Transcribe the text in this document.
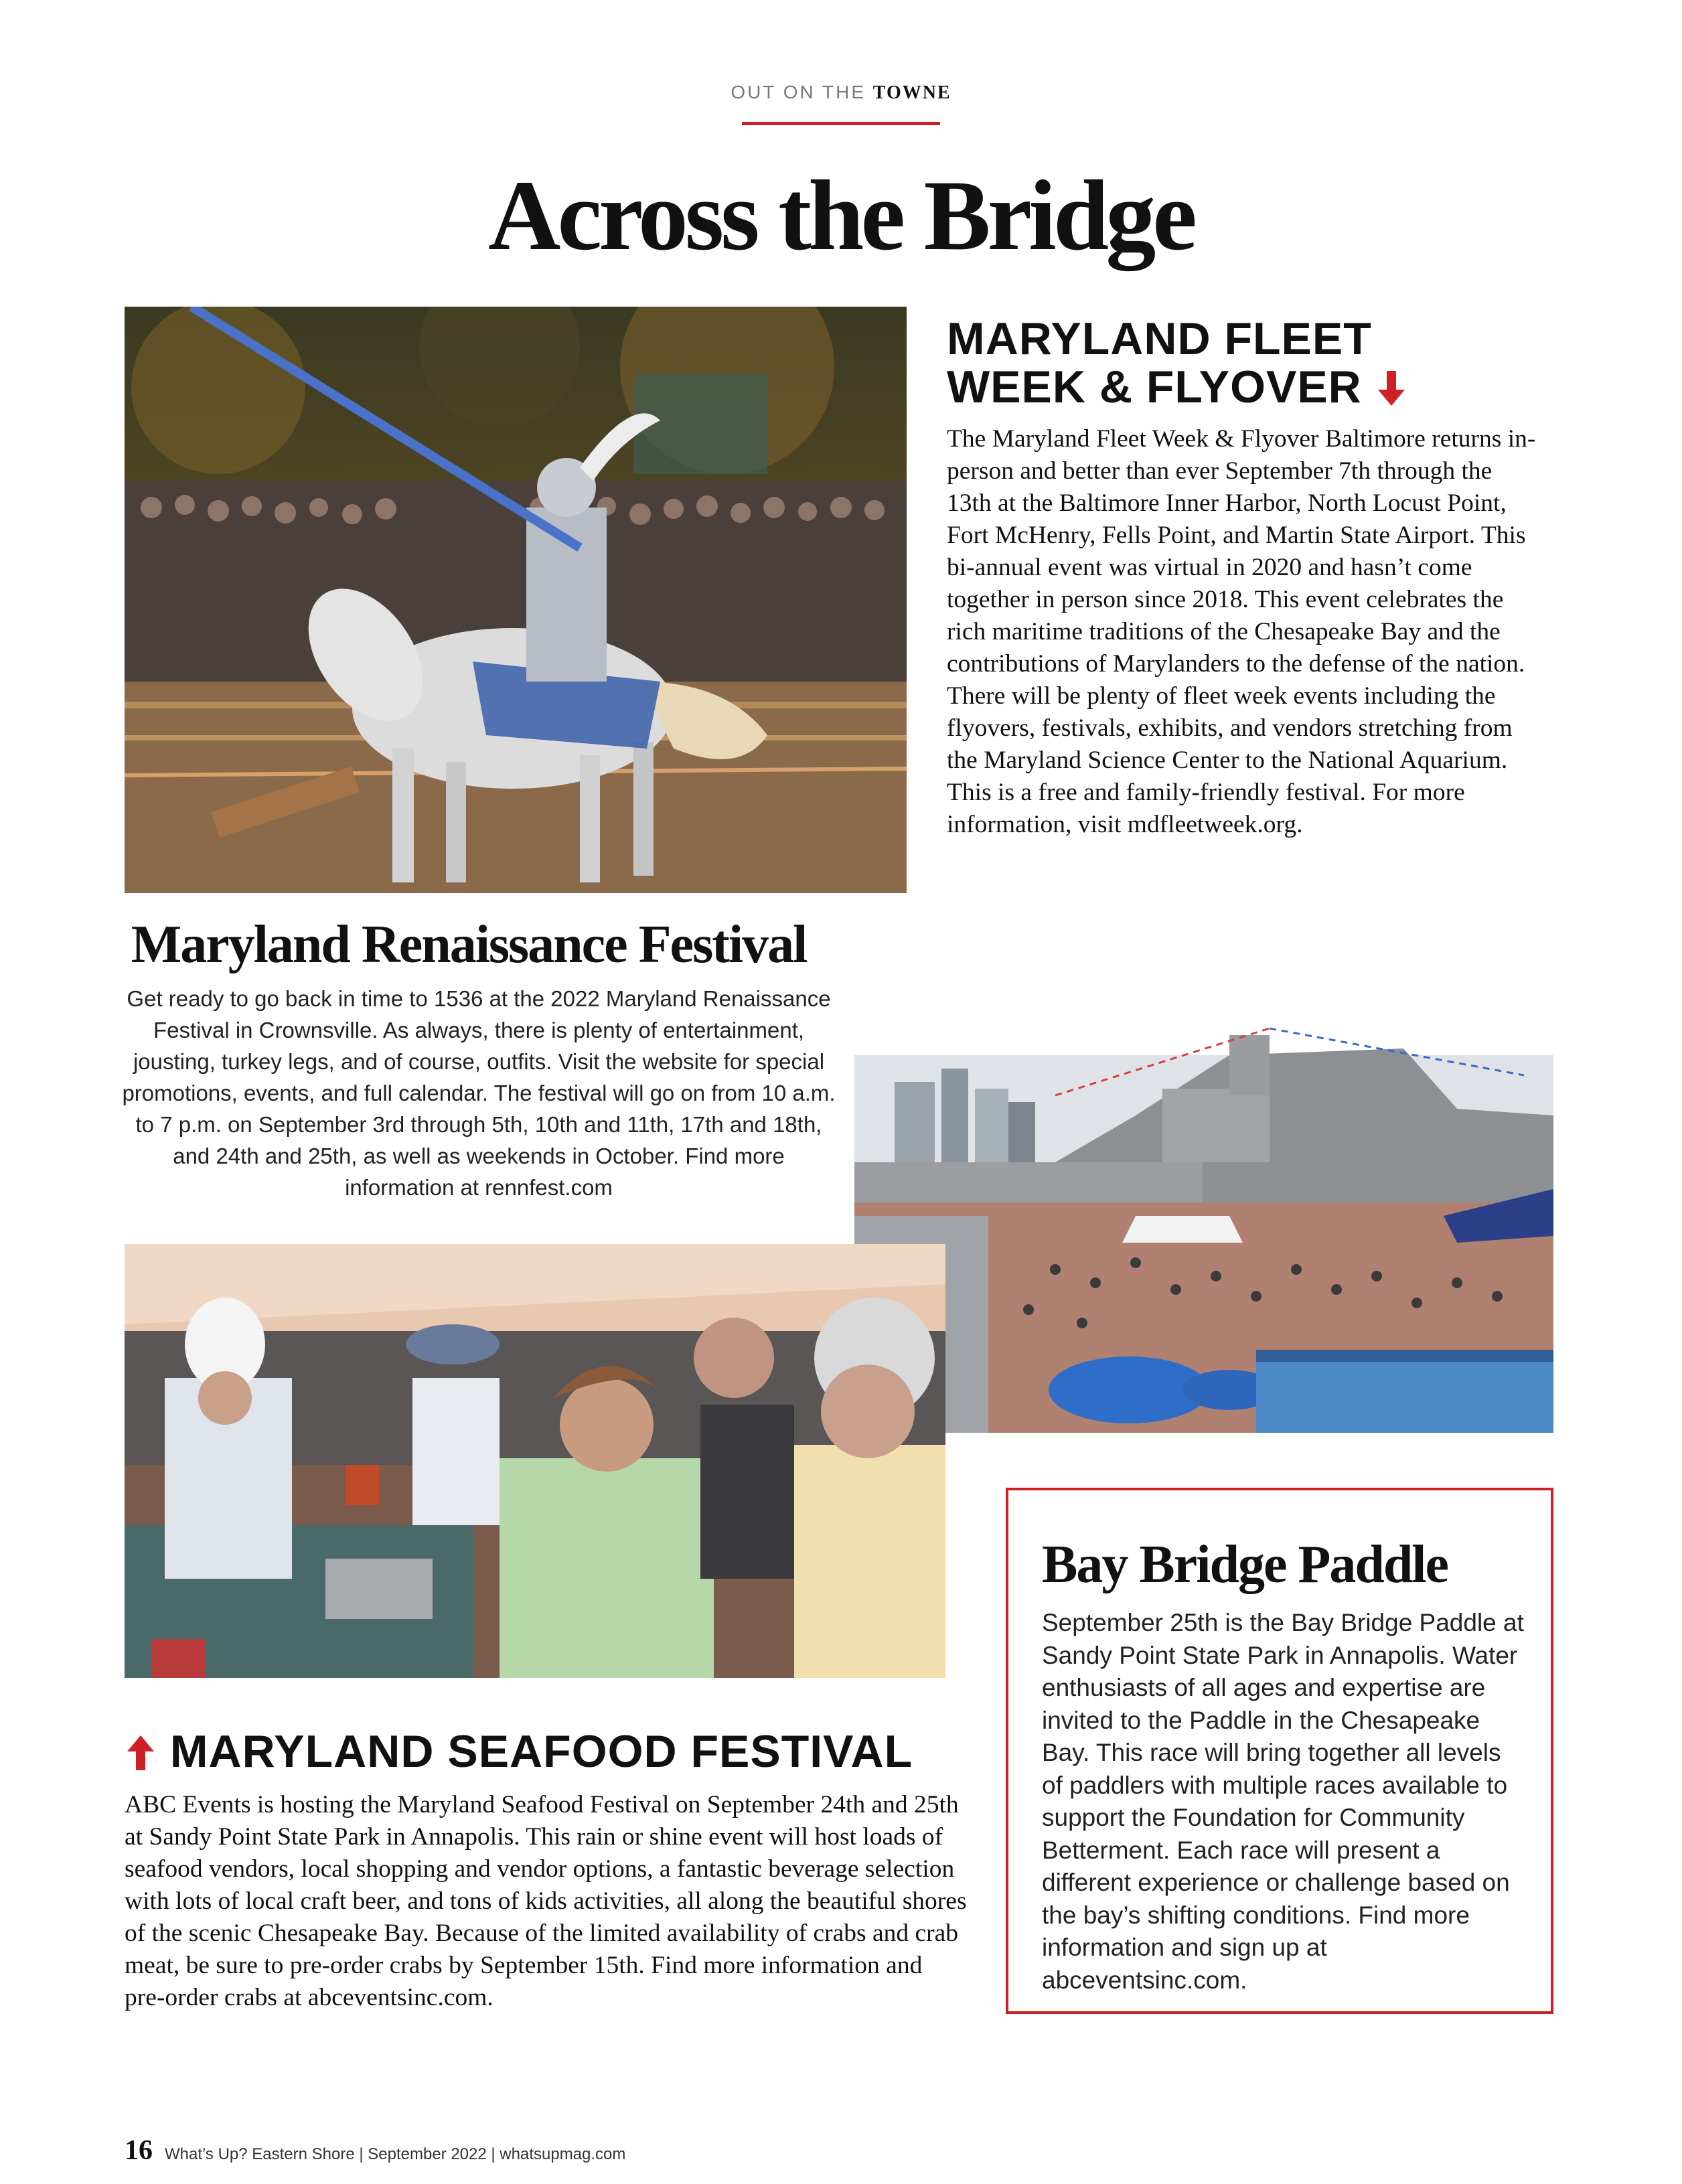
OUT ON THE TOWNE
Across the Bridge
MARYLAND FLEET
WEEK & FLYOVER
The Maryland Fleet Week & Flyover Baltimore returns in-person and better than ever September 7th through the 13th at the Baltimore Inner Harbor, North Locust Point, Fort McHenry, Fells Point, and Martin State Airport. This bi-annual event was virtual in 2020 and hasn’t come together in person since 2018. This event celebrates the rich maritime traditions of the Chesapeake Bay and the contributions of Marylanders to the defense of the nation. There will be plenty of fleet week events including the flyovers, festivals, exhibits, and vendors stretching from the Maryland Science Center to the National Aquarium. This is a free and family-friendly festival. For more information, visit mdfleetweek.org.
Maryland Renaissance Festival
Get ready to go back in time to 1536 at the 2022 Maryland Renaissance Festival in Crownsville. As always, there is plenty of entertainment, jousting, turkey legs, and of course, outfits. Visit the website for special promotions, events, and full calendar. The festival will go on from 10 a.m. to 7 p.m. on September 3rd through 5th, 10th and 11th, 17th and 18th, and 24th and 25th, as well as weekends in October. Find more information at rennfest.com
MARYLAND SEAFOOD FESTIVAL
ABC Events is hosting the Maryland Seafood Festival on September 24th and 25th at Sandy Point State Park in Annapolis. This rain or shine event will host loads of seafood vendors, local shopping and vendor options, a fantastic beverage selection with lots of local craft beer, and tons of kids activities, all along the beautiful shores of the scenic Chesapeake Bay. Because of the limited availability of crabs and crab meat, be sure to pre-order crabs by September 15th. Find more information and pre-order crabs at abceventsinc.com.
Bay Bridge Paddle
September 25th is the Bay Bridge Paddle at Sandy Point State Park in Annapolis. Water enthusiasts of all ages and expertise are invited to the Paddle in the Chesapeake Bay. This race will bring together all levels of paddlers with multiple races available to support the Foundation for Community Betterment. Each race will present a different experience or challenge based on the bay’s shifting conditions. Find more information and sign up at abceventsinc.com.
16 What’s Up? Eastern Shore | September 2022 | whatsupmag.com
